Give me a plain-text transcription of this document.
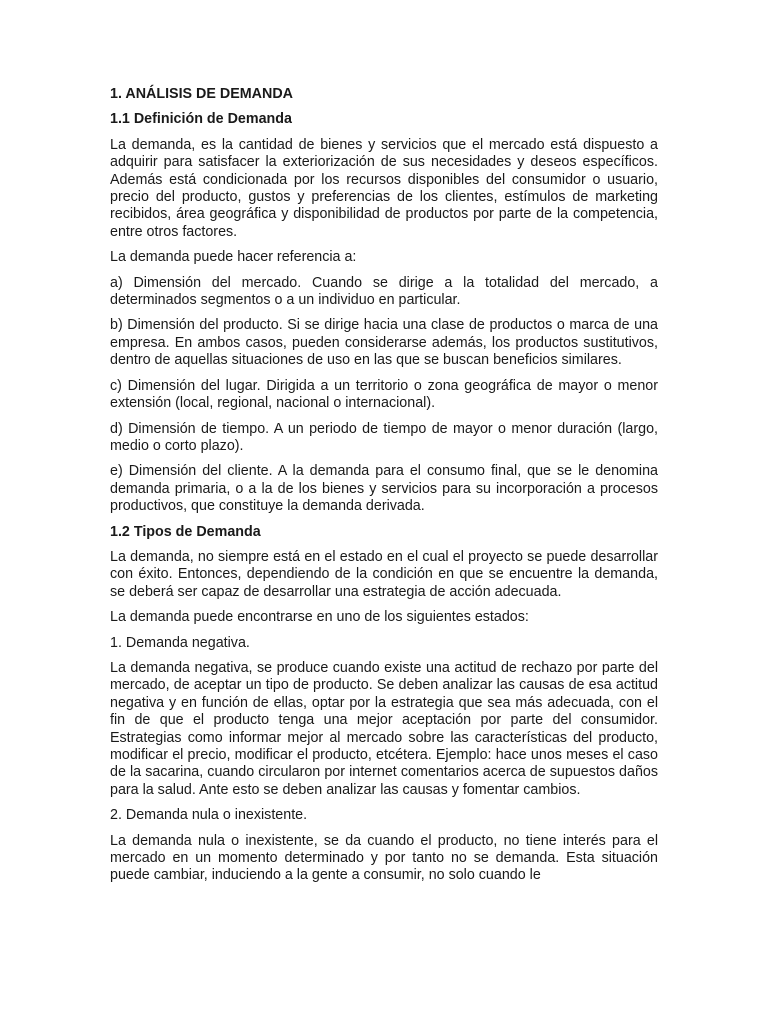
1. ANÁLISIS DE DEMANDA
1.1 Definición de Demanda

La demanda, es la cantidad de bienes y servicios que el mercado está dispuesto a adquirir para satisfacer la exteriorización de sus necesidades y deseos específicos. Además está condicionada por los recursos disponibles del consumidor o usuario, precio del producto, gustos y preferencias de los clientes, estímulos de marketing recibidos, área geográfica y disponibilidad de productos por parte de la competencia, entre otros factores.

La demanda puede hacer referencia a:

a) Dimensión del mercado. Cuando se dirige a la totalidad del mercado, a determinados segmentos o a un individuo en particular.

b) Dimensión del producto. Si se dirige hacia una clase de productos o marca de una empresa. En ambos casos, pueden considerarse además, los productos sustitutivos, dentro de aquellas situaciones de uso en las que se buscan beneficios similares.

c) Dimensión del lugar. Dirigida a un territorio o zona geográfica de mayor o menor extensión (local, regional, nacional o internacional).

d) Dimensión de tiempo. A un periodo de tiempo de mayor o menor duración (largo, medio o corto plazo).

e) Dimensión del cliente. A la demanda para el consumo final, que se le denomina demanda primaria, o a la de los bienes y servicios para su incorporación a procesos productivos, que constituye la demanda derivada.

1.2 Tipos de Demanda

La demanda, no siempre está en el estado en el cual el proyecto se puede desarrollar con éxito. Entonces, dependiendo de la condición en que se encuentre la demanda, se deberá ser capaz de desarrollar una estrategia de acción adecuada.

La demanda puede encontrarse en uno de los siguientes estados:

1. Demanda negativa.

La demanda negativa, se produce cuando existe una actitud de rechazo por parte del mercado, de aceptar un tipo de producto. Se deben analizar las causas de esa actitud negativa y en función de ellas, optar por la estrategia que sea más adecuada, con el fin de que el producto tenga una mejor aceptación por parte del consumidor. Estrategias como informar mejor al mercado sobre las características del producto, modificar el precio, modificar el producto, etcétera. Ejemplo: hace unos meses el caso de la sacarina, cuando circularon por internet comentarios acerca de supuestos daños para la salud. Ante esto se deben analizar las causas y fomentar cambios.

2. Demanda nula o inexistente.

La demanda nula o inexistente, se da cuando el producto, no tiene interés para el mercado en un momento determinado y por tanto no se demanda. Esta situación puede cambiar, induciendo a la gente a consumir, no solo cuando le
